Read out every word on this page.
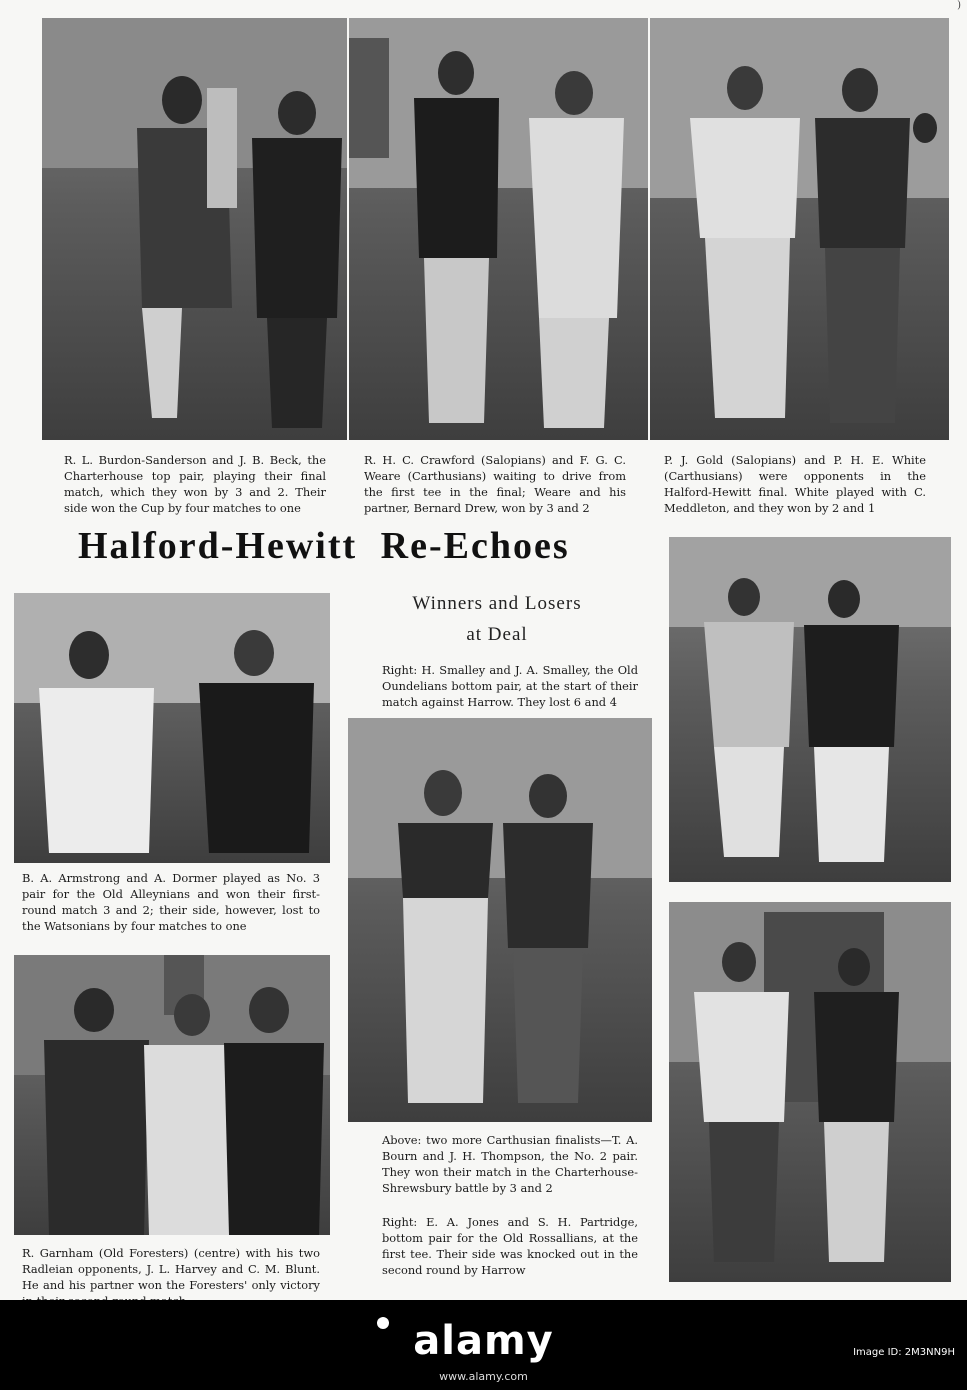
)

R. L. Burdon-Sanderson and J. B. Beck, the Charterhouse top pair, playing their final match, which they won by 3 and 2. Their side won the Cup by four matches to one

R. H. C. Crawford (Salopians) and F. G. C. Weare (Carthusians) waiting to drive from the first tee in the final; Weare and his partner, Bernard Drew, won by 3 and 2

P. J. Gold (Salopians) and P. H. E. White (Carthusians) were opponents in the Halford-Hewitt final. White played with C. Meddleton, and they won by 2 and 1

Halford-Hewitt Re-Echoes

Winners and Losers

at Deal

Right: H. Smalley and J. A. Smalley, the Old Oundelians bottom pair, at the start of their match against Harrow. They lost 6 and 4

B. A. Armstrong and A. Dormer played as No. 3 pair for the Old Alleynians and won their first-round match 3 and 2; their side, however, lost to the Watsonians by four matches to one

R. Garnham (Old Foresters) (centre) with his two Radleian opponents, J. L. Harvey and C. M. Blunt. He and his partner won the Foresters' only victory

Above: two more Carthusian finalists—T. A. Bourn and J. H. Thompson, the No. 2 pair. They won their match in the Charterhouse-Shrewsbury battle by 3 and 2

Right: E. A. Jones and S. H. Partridge, bottom pair for the Old Rossallians, at the first tee. Their side was knocked out in the second round by Harrow

alamy	Image ID: 2M3NN9H
www.alamy.com
